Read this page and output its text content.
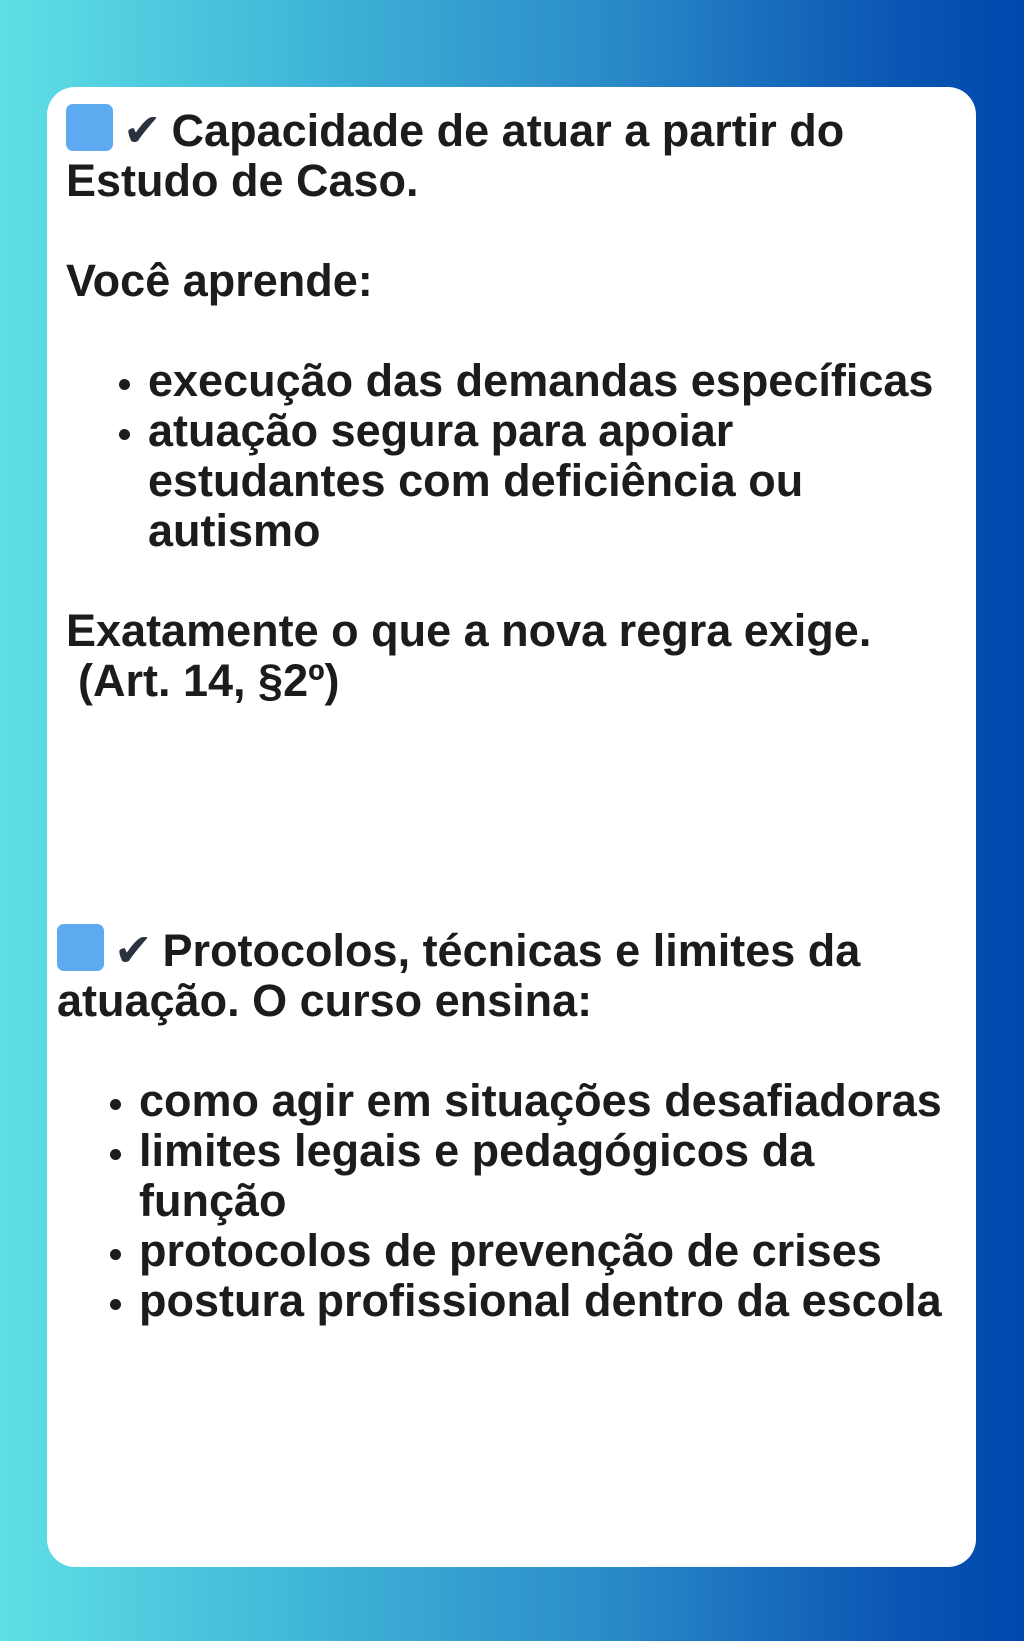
✔ Capacidade de atuar a partir do Estudo de Caso.

Você aprende:

• execução das demandas específicas
• atuação segura para apoiar estudantes com deficiência ou autismo

Exatamente o que a nova regra exige.

(Art. 14, §2º)

✔ Protocolos, técnicas e limites da atuação. O curso ensina:

• como agir em situações desafiadoras
• limites legais e pedagógicos da função
• protocolos de prevenção de crises
• postura profissional dentro da escola
